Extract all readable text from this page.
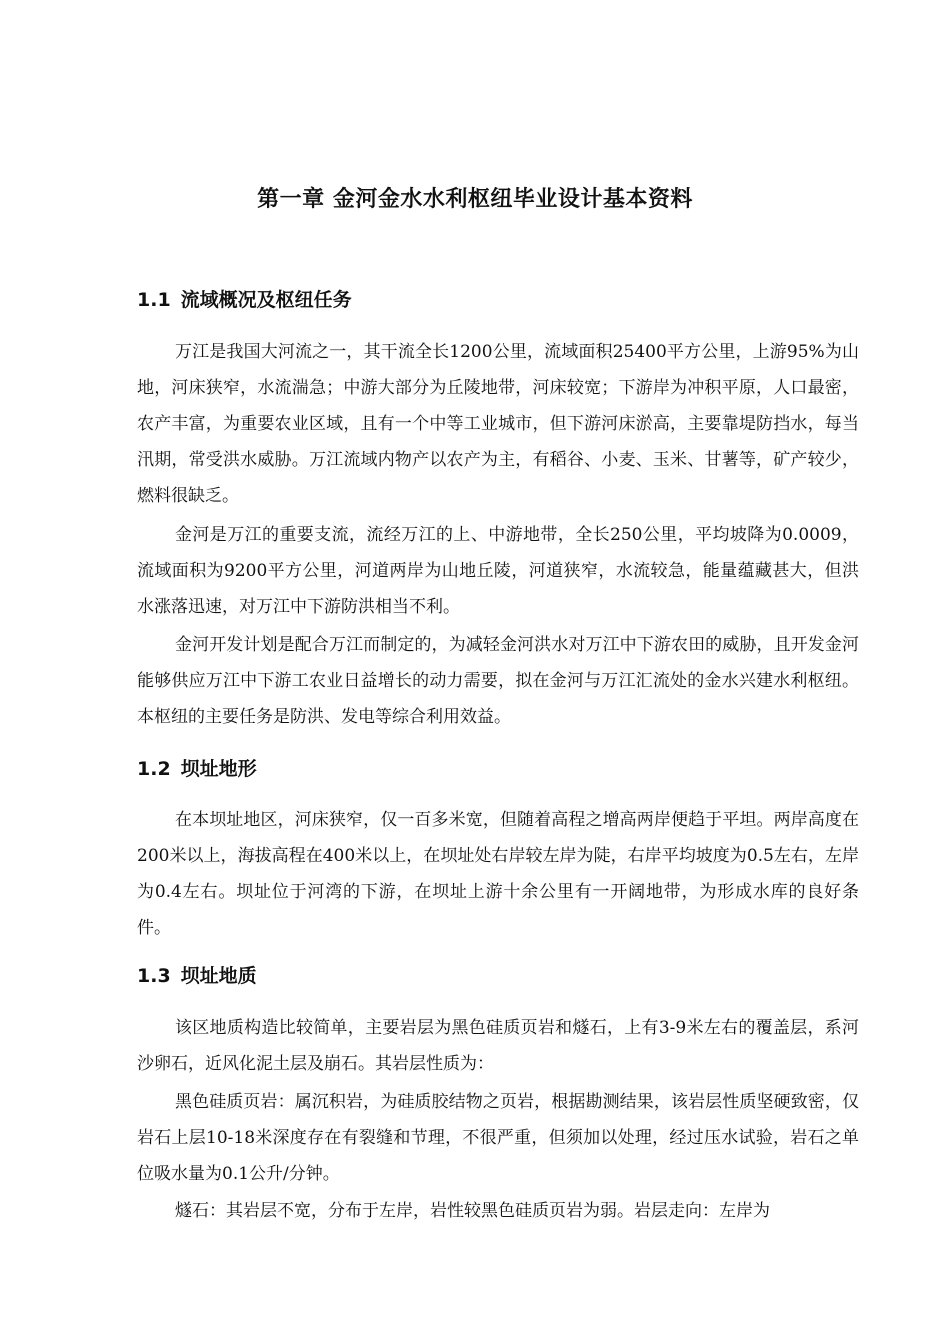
第一章 金河金水水利枢纽毕业设计基本资料
1.1 流域概况及枢纽任务

万江是我国大河流之一，其干流全长1200公里，流域面积25400平方公里，上游95%为山地，河床狭窄，水流湍急；中游大部分为丘陵地带，河床较宽；下游岸为冲积平原，人口最密，农产丰富，为重要农业区域，且有一个中等工业城市，但下游河床淤高，主要靠堤防挡水，每当汛期，常受洪水威胁。万江流域内物产以农产为主，有稻谷、小麦、玉米、甘薯等，矿产较少，燃料很缺乏。

金河是万江的重要支流，流经万江的上、中游地带，全长250公里，平均坡降为0.0009，流域面积为9200平方公里，河道两岸为山地丘陵，河道狭窄，水流较急，能量蕴藏甚大，但洪水涨落迅速，对万江中下游防洪相当不利。

金河开发计划是配合万江而制定的，为减轻金河洪水对万江中下游农田的威胁，且开发金河能够供应万江中下游工农业日益增长的动力需要，拟在金河与万江汇流处的金水兴建水利枢纽。本枢纽的主要任务是防洪、发电等综合利用效益。

1.2 坝址地形

在本坝址地区，河床狭窄，仅一百多米宽，但随着高程之增高两岸便趋于平坦。两岸高度在200米以上，海拔高程在400米以上，在坝址处右岸较左岸为陡，右岸平均坡度为0.5左右，左岸为0.4左右。坝址位于河湾的下游，在坝址上游十余公里有一开阔地带，为形成水库的良好条件。

1.3 坝址地质

该区地质构造比较简单，主要岩层为黑色硅质页岩和燧石，上有3-9米左右的覆盖层，系河沙卵石，近风化泥土层及崩石。其岩层性质为：

黑色硅质页岩：属沉积岩，为硅质胶结物之页岩，根据勘测结果，该岩层性质坚硬致密，仅岩石上层10-18米深度存在有裂缝和节理，不很严重，但须加以处理，经过压水试验，岩石之单位吸水量为0.1公升/分钟。

燧石：其岩层不宽，分布于左岸，岩性较黑色硅质页岩为弱。岩层走向：左岸为
